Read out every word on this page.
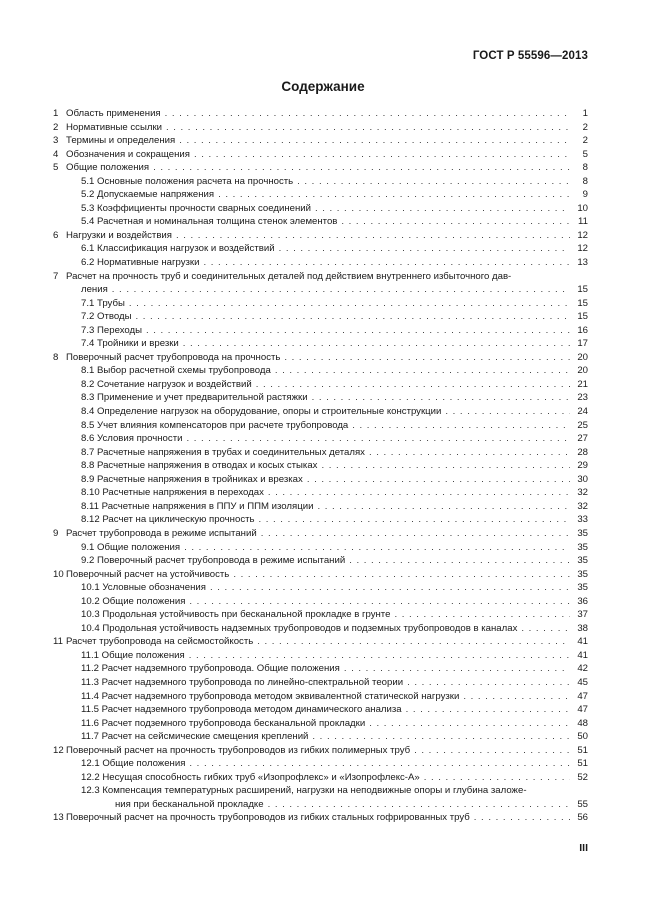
ГОСТ Р 55596—2013
Содержание
1 Область применения .....	1
2 Нормативные ссылки .....	2
3 Термины и определения .....	2
4 Обозначения и сокращения .....	5
5 Общие положения .....	8
5.1 Основные положения расчета на прочность .....	8
5.2 Допускаемые напряжения .....	9
5.3 Коэффициенты прочности сварных соединений .....	10
5.4 Расчетная и номинальная толщина стенок элементов .....	11
6 Нагрузки и воздействия .....	12
6.1 Классификация нагрузок и воздействий .....	12
6.2 Нормативные нагрузки .....	13
7 Расчет на прочность труб и соединительных деталей под действием внутреннего избыточного дав-
ления .....	15
7.1 Трубы .....	15
7.2 Отводы .....	15
7.3 Переходы .....	16
7.4 Тройники и врезки .....	17
8 Поверочный расчет трубопровода на прочность .....	20
8.1 Выбор расчетной схемы трубопровода .....	20
8.2 Сочетание нагрузок и воздействий .....	21
8.3 Применение и учет предварительной растяжки .....	23
8.4 Определение нагрузок на оборудование, опоры и строительные конструкции .....	24
8.5 Учет влияния компенсаторов при расчете трубопровода .....	25
8.6 Условия прочности .....	27
8.7 Расчетные напряжения в трубах и соединительных деталях .....	28
8.8 Расчетные напряжения в отводах и косых стыках .....	29
8.9 Расчетные напряжения в тройниках и врезках .....	30
8.10 Расчетные напряжения в переходах .....	32
8.11 Расчетные напряжения в ППУ и ППМ изоляции .....	32
8.12 Расчет на циклическую прочность .....	33
9 Расчет трубопровода в режиме испытаний .....	35
9.1 Общие положения .....	35
9.2 Поверочный расчет трубопровода в режиме испытаний .....	35
10 Поверочный расчет на устойчивость .....	35
10.1 Условные обозначения .....	35
10.2 Общие положения .....	36
10.3 Продольная устойчивость при бесканальной прокладке в грунте .....	37
10.4 Продольная устойчивость надземных трубопроводов и подземных трубопроводов в каналах .....	38
11 Расчет трубопровода на сейсмостойкость .....	41
11.1 Общие положения .....	41
11.2 Расчет надземного трубопровода. Общие положения .....	42
11.3 Расчет надземного трубопровода по линейно-спектральной теории .....	45
11.4 Расчет надземного трубопровода методом эквивалентной статической нагрузки .....	47
11.5 Расчет надземного трубопровода методом динамического анализа .....	47
11.6 Расчет подземного трубопровода бесканальной прокладки .....	48
11.7 Расчет на сейсмические смещения креплений .....	50
12 Поверочный расчет на прочность трубопроводов из гибких полимерных труб .....	51
12.1 Общие положения .....	51
12.2 Несущая способность гибких труб «Изопрофлекс» и «Изопрофлекс-А» .....	52
12.3 Компенсация температурных расширений, нагрузки на неподвижные опоры и глубина заложе-
ния при бесканальной прокладке .....	55
13 Поверочный расчет на прочность трубопроводов из гибких стальных гофрированных труб .....	56
III
